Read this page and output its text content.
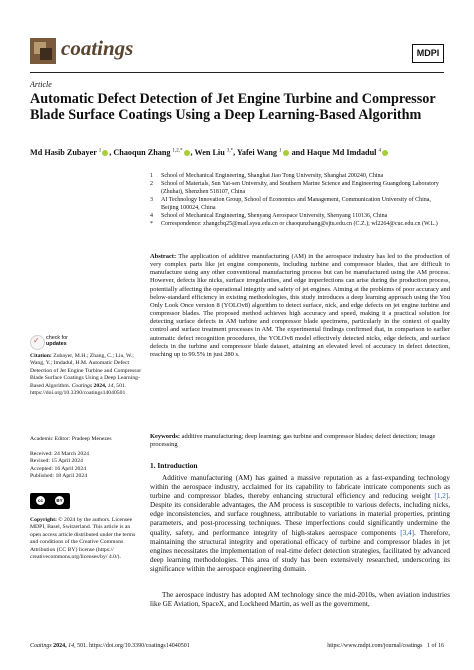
coatings	MDPI
Article
Automatic Defect Detection of Jet Engine Turbine and Compressor Blade Surface Coatings Using a Deep Learning-Based Algorithm
Md Hasib Zubayer $^1$ , Chaoqun Zhang $^{1,2,*}$ , Wen Liu $^{3,*}$, Yafei Wang $^1$ and Haque Md Imdadul $^4$
1 School of Mechanical Engineering, Shanghai Jiao Tong University, Shanghai 200240, China
2 School of Materials, Sun Yat-sen University, and Southern Marine Science and Engineering Guangdong Laboratory (Zhuhai), Shenzhen 518107, China
3 AI Technology Innovation Group, School of Economics and Management, Communication University of China, Beijing 100024, China
4 School of Mechanical Engineering, Shenyang Aerospace University, Shenyang 110136, China
* Correspondence: zhangcbq25@mail.sysu.edu.cn or chaoqunzhang@sjtu.edu.cn (C.Z.); wl2264@cuc.edu.cn (W.L.)
Abstract: The application of additive manufacturing (AM) in the aerospace industry has led to the production of very complex parts like jet engine components, including turbine and compressor blades, that are difficult to manufacture using any other conventional manufacturing process but can be manufactured using the AM process. However, defects like nicks, surface irregularities, and edge imperfections can arise during the production process, potentially affecting the operational integrity and safety of jet engines. Aiming at the problems of poor accuracy and below-standard efficiency in existing methodologies, this study introduces a deep learning approach using the You Only Look Once version 8 (YOLOv8) algorithm to detect surface, nick, and edge defects on jet engine turbine and compressor blades. The proposed method achieves high accuracy and speed, making it a practical solution for detecting surface defects in AM turbine and compressor blade specimens, particularly in the context of quality control and surface treatment processes in AM. The experimental findings confirmed that, in comparison to earlier automatic defect recognition procedures, the YOLOv8 model effectively detected nicks, edge defects, and surface defects in the turbine and compressor blade dataset, attaining an elevated level of accuracy in defect detection, reaching up to 99.5% in just 280 s.
Keywords: additive manufacturing; deep learning; gas turbine and compressor blades; defect detection; image processing
1. Introduction
Additive manufacturing (AM) has gained a massive reputation as a fast-expanding technology within the aerospace industry, acclaimed for its capability to fabricate intricate components such as turbine and compressor blades, thereby enhancing structural efficiency and reducing weight [1,2]. Despite its considerable advantages, the AM process is susceptible to various defects, including nicks, edge inconsistencies, and surface roughness, attributable to variations in material properties, printing parameters, and post-processing techniques. These imperfections could significantly undermine the quality, safety, and performance integrity of high-stakes aerospace components [3,4]. Therefore, maintaining the structural integrity and operational efficacy of turbine and compressor blades in jet engines necessitates the implementation of real-time defect detection strategies, facilitated by advanced deep learning methodologies. This area of study has been extensively researched, underscoring its significance within the aerospace engineering domain.
The aerospace industry has adopted AM technology since the mid-2010s, when aviation industries like GE Aviation, SpaceX, and Lockheed Martin, as well as the government,
✓ check for
updates
Citation: Zubayer, M.H.; Zhang, C.; Liu, W.; Wang, Y.; Imdadul, H.M. Automatic Defect Detection of Jet Engine Turbine and Compressor Blade Surface Coatings Using a Deep Learning-Based Algorithm. Coatings 2024, 14, 501. https://doi.org/10.3390/coatings14040501
Academic Editor: Pradeep Menezes
Received: 24 March 2024
Revised: 15 April 2024
Accepted: 16 April 2024
Published: 18 April 2024
cc	BY
Copyright: © 2024 by the authors. Licensee MDPI, Basel, Switzerland. This article is an open access article distributed under the terms and conditions of the Creative Commons Attribution (CC BY) license (https:// creativecommons.org/licenses/by/ 4.0/).
Coatings 2024, 14, 501. https://doi.org/10.3390/coatings14040501	https://www.mdpi.com/journal/coatings 1 of 16
